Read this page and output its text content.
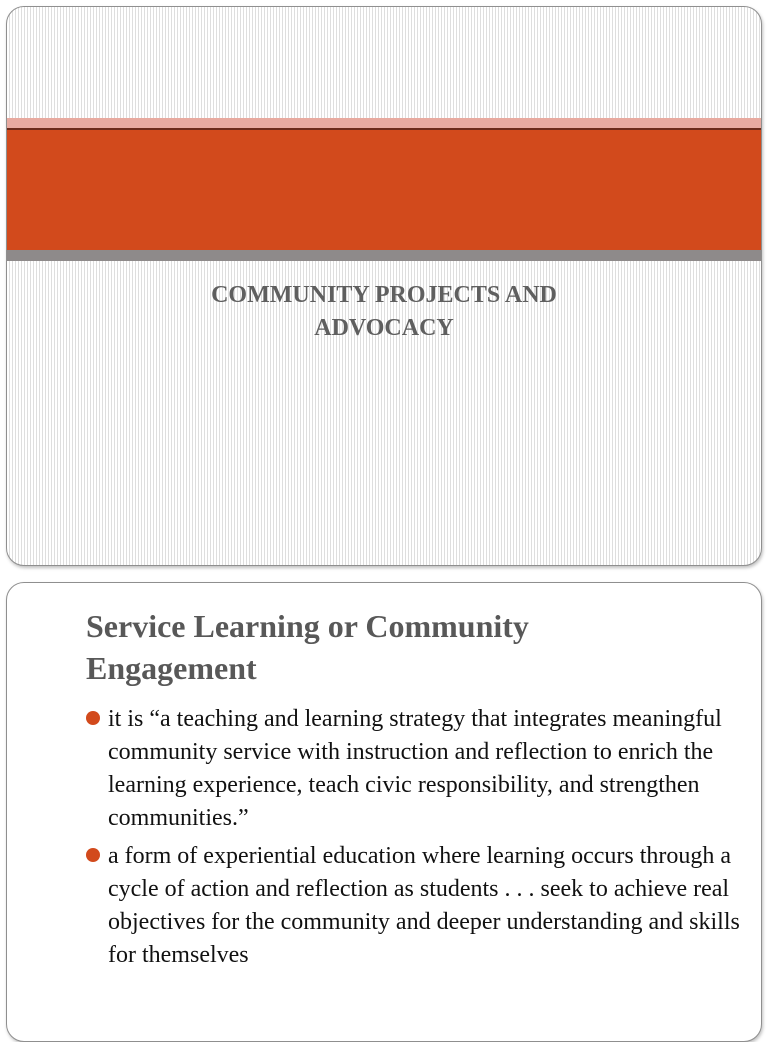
COMMUNITY PROJECTS AND
ADVOCACY
Service Learning or Community Engagement
it is “a teaching and learning strategy that integrates meaningful community service with instruction and reflection to enrich the learning experience, teach civic responsibility, and strengthen communities.”
a form of experiential education where learning occurs through a cycle of action and reflection as students . . . seek to achieve real objectives for the community and deeper understanding and skills for themselves
